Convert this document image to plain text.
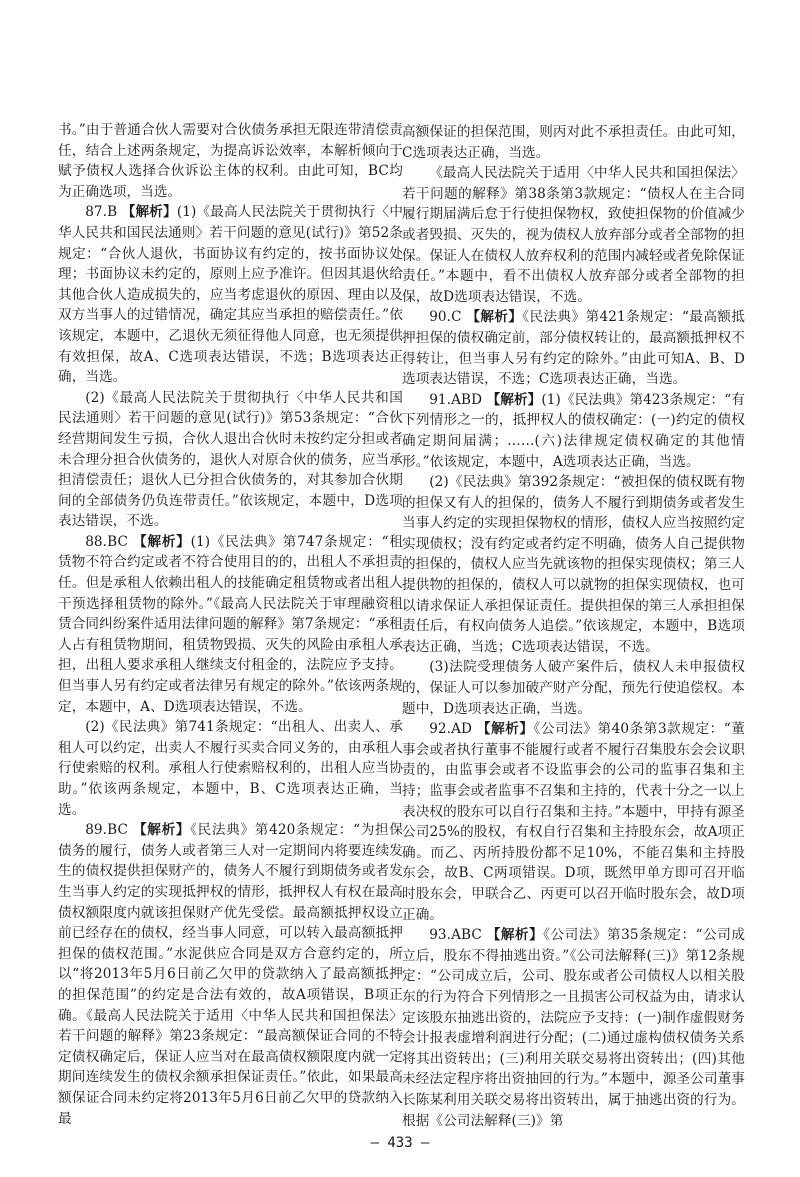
书。”由于普通合伙人需要对合伙债务承担无限连带清偿责任，结合上述两条规定，为提高诉讼效率，本解析倾向于赋予债权人选择合伙诉讼主体的权利。由此可知，BC均为正确选项，当选。

87.B 【解析】(1)《最高人民法院关于贯彻执行〈中华人民共和国民法通则〉若干问题的意见(试行)》第52条规定：“合伙人退伙，书面协议有约定的，按书面协议处理；书面协议未约定的，原则上应予准许。但因其退伙给其他合伙人造成损失的，应当考虑退伙的原因、理由以及双方当事人的过错情况，确定其应当承担的赔偿责任。”依该规定，本题中，乙退伙无须征得他人同意，也无须提供有效担保，故A、C选项表达错误，不选；B选项表达正确，当选。

(2)《最高人民法院关于贯彻执行〈中华人民共和国民法通则〉若干问题的意见(试行)》第53条规定：“合伙经营期间发生亏损，合伙人退出合伙时未按约定分担或者未合理分担合伙债务的，退伙人对原合伙的债务，应当承担清偿责任；退伙人已分担合伙债务的，对其参加合伙期间的全部债务仍负连带责任。”依该规定，本题中，D选项表达错误，不选。

88.BC 【解析】(1)《民法典》第747条规定：“租赁物不符合约定或者不符合使用目的的，出租人不承担责任。但是承租人依赖出租人的技能确定租赁物或者出租人干预选择租赁物的除外。”《最高人民法院关于审理融资租赁合同纠纷案件适用法律问题的解释》第7条规定：“承租人占有租赁物期间，租赁物毁损、灭失的风险由承租人承担，出租人要求承租人继续支付租金的，法院应予支持。但当事人另有约定或者法律另有规定的除外。”依该两条规定，本题中，A、D选项表达错误，不选。

(2)《民法典》第741条规定：“出租人、出卖人、承租人可以约定，出卖人不履行买卖合同义务的，由承租人行使索赔的权利。承租人行使索赔权利的，出租人应当协助。”依该两条规定，本题中，B、C选项表达正确，当选。

89.BC 【解析】《民法典》第420条规定：“为担保债务的履行，债务人或者第三人对一定期间内将要连续发生的债权提供担保财产的，债务人不履行到期债务或者发生当事人约定的实现抵押权的情形，抵押权人有权在最高债权额限度内就该担保财产优先受偿。最高额抵押权设立前已经存在的债权，经当事人同意，可以转入最高额抵押担保的债权范围。”水泥供应合同是双方合意约定的，所以“将2013年5月6日前乙欠甲的贷款纳入了最高额抵押的担保范围”的约定是合法有效的，故A项错误，B项正确。《最高人民法院关于适用〈中华人民共和国担保法〉若干问题的解释》第23条规定：“最高额保证合同的不特定债权确定后，保证人应当对在最高债权额限度内就一定期间连续发生的债权余额承担保证责任。”依此，如果最高额保证合同未约定将2013年5月6日前乙欠甲的贷款纳入最

高额保证的担保范围，则丙对此不承担责任。由此可知，C选项表达正确，当选。

《最高人民法院关于适用〈中华人民共和国担保法〉若干问题的解释》第38条第3款规定：“债权人在主合同履行期届满后怠于行使担保物权，致使担保物的价值减少或者毁损、灭失的，视为债权人放弃部分或者全部物的担保。保证人在债权人放弃权利的范围内减轻或者免除保证责任。”本题中，看不出债权人放弃部分或者全部物的担保，故D选项表达错误，不选。

90.C 【解析】《民法典》第421条规定：“最高额抵押担保的债权确定前，部分债权转让的，最高额抵押权不得转让，但当事人另有约定的除外。”由此可知A、B、D选项表达错误，不选；C选项表达正确，当选。

91.ABD 【解析】(1)《民法典》第423条规定：“有下列情形之一的，抵押权人的债权确定：(一)约定的债权确定期间届满；……(六)法律规定债权确定的其他情形。”依该规定，本题中，A选项表达正确，当选。

(2)《民法典》第392条规定：“被担保的债权既有物的担保又有人的担保的，债务人不履行到期债务或者发生当事人约定的实现担保物权的情形，债权人应当按照约定实现债权；没有约定或者约定不明确，债务人自己提供物的担保的，债权人应当先就该物的担保实现债权；第三人提供物的担保的，债权人可以就物的担保实现债权，也可以请求保证人承担保证责任。提供担保的第三人承担担保责任后，有权向债务人追偿。”依该规定，本题中，B选项表达正确，当选；C选项表达错误，不选。

(3)法院受理债务人破产案件后，债权人未申报债权的，保证人可以参加破产财产分配，预先行使追偿权。本题中，D选项表达正确，当选。

92.AD 【解析】《公司法》第40条第3款规定：“董事会或者执行董事不能履行或者不履行召集股东会会议职责的，由监事会或者不设监事会的公司的监事召集和主持；监事会或者监事不召集和主持的，代表十分之一以上表决权的股东可以自行召集和主持。”本题中，甲持有源圣公司25%的股权，有权自行召集和主持股东会，故A项正确。而乙、丙所持股份都不足10%，不能召集和主持股东会，故B、C两项错误。D项，既然甲单方即可召开临时股东会，甲联合乙、丙更可以召开临时股东会，故D项正确。

93.ABC 【解析】《公司法》第35条规定：“公司成立后，股东不得抽逃出资。”《公司法解释(三)》第12条规定：“公司成立后，公司、股东或者公司债权人以相关股东的行为符合下列情形之一且损害公司权益为由，请求认定该股东抽逃出资的，法院应予支持：(一)制作虚假财务会计报表虚增利润进行分配；(二)通过虚构债权债务关系将其出资转出；(三)利用关联交易将出资转出；(四)其他未经法定程序将出资抽回的行为。”本题中，源圣公司董事长陈某利用关联交易将出资转出，属于抽逃出资的行为。根据《公司法解释(三)》第

— 433 —
